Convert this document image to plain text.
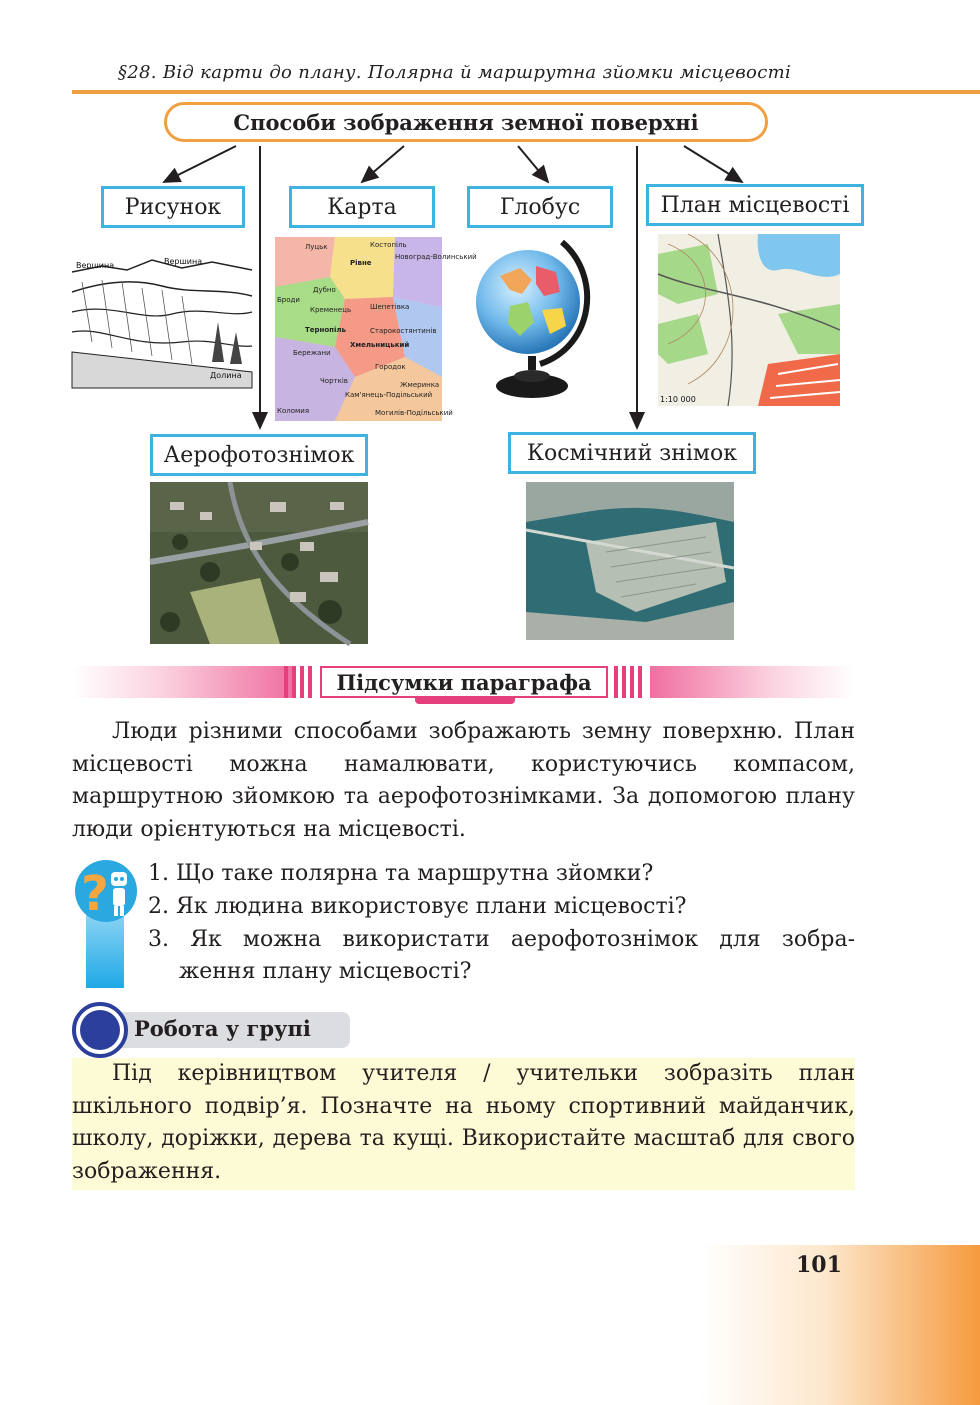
§28. Від карти до плану. Полярна й маршрутна зйомки місцевості
Способи зображення земної поверхні
Рисунок	Карта	Глобус	План місцевості
Аерофотознімок	Космічний знімок
Вершина	Вершина
Долина
Луцьк	Костопіль
Рівне
Новоград-Волинський
Дубно
Кременець
Броди
Шепетівка
Тернопіль	Старокостянтинів
Бережани
Хмельницький
Городок
Чортків
Кам'янець-Подільський
Жмеринка
Коломия	Могилів-Подільський
1:10 000
Підсумки параграфа
Люди різними способами зображають земну поверхню. План місцевості можна намалювати, користуючись компасом, маршрутною зйомкою та аерофотознімками. За допомогою плану люди орієнтуються на місцевості.
? 1. Що таке полярна та маршрутна зйомки?
2. Як людина використовує плани місцевості?
3. Як можна використати аерофотознімок для зобра-
ження плану місцевості?
Робота у групі
Під керівництвом учителя / учительки зобразіть план шкільного подвір’я. Позначте на ньому спортивний майданчик, школу, доріжки, дерева та кущі. Використайте масштаб для свого зображення.
101
